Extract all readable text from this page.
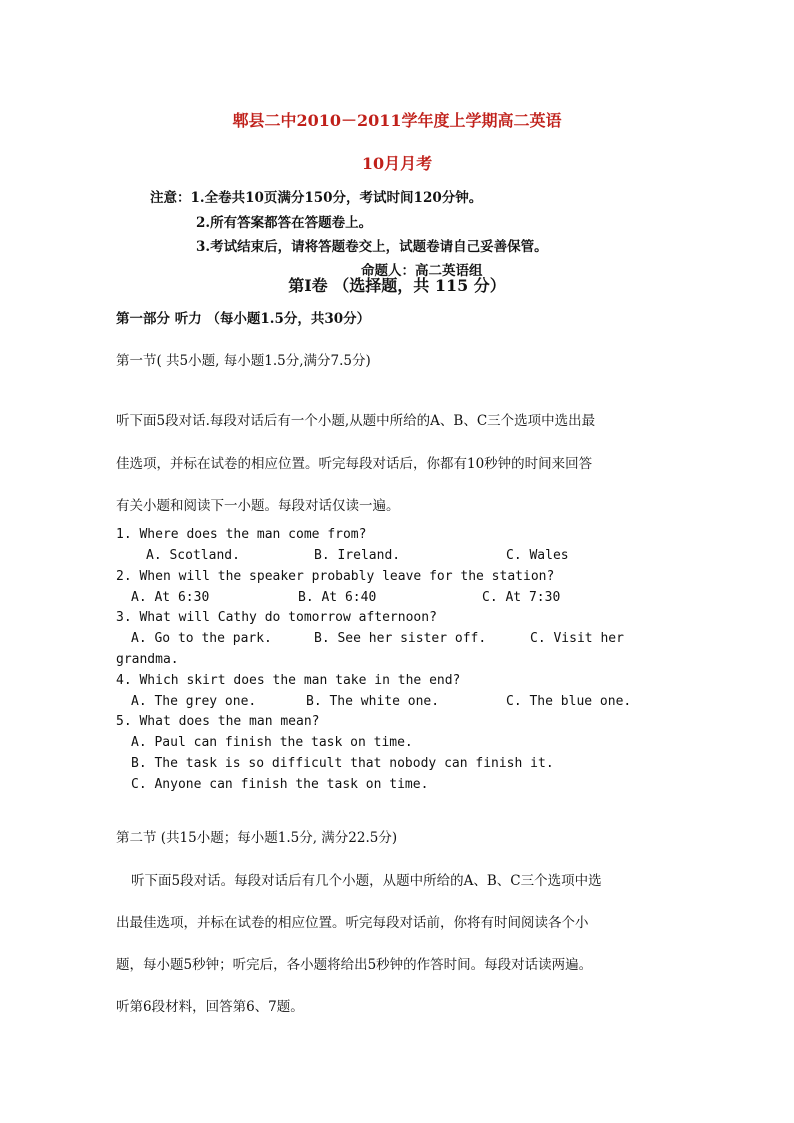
郫县二中2010－2011学年度上学期高二英语
10月月考
注意：1.全卷共10页满分150分，考试时间120分钟。
2.所有答案都答在答题卷上。
3.考试结束后，请将答题卷交上，试题卷请自己妥善保管。
命题人：高二英语组
第Ⅰ卷 （选择题，共 115 分）
第一部分 听力 （每小题1.5分，共30分）
第一节( 共5小题, 每小题1.5分,满分7.5分)
听下面5段对话.每段对话后有一个小题,从题中所给的A、B、C三个选项中选出最
佳选项，并标在试卷的相应位置。听完每段对话后，你都有10秒钟的时间来回答
有关小题和阅读下一小题。每段对话仅读一遍。
1. Where does the man come from?
A. Scotland.	B. Ireland.	C. Wales
2. When will the speaker probably leave for the station?
A. At 6:30	B. At 6:40	C. At 7:30
3. What will Cathy do tomorrow afternoon?
A. Go to the park.	B. See her sister off.	C. Visit her
grandma.
4. Which skirt does the man take in the end?
A. The grey one.	B. The white one.	C. The blue one.
5. What does the man mean?
A. Paul can finish the task on time.
B. The task is so difficult that nobody can finish it.
C. Anyone can finish the task on time.
第二节 (共15小题；每小题1.5分, 满分22.5分)
听下面5段对话。每段对话后有几个小题，从题中所给的A、B、C三个选项中选
出最佳选项，并标在试卷的相应位置。听完每段对话前，你将有时间阅读各个小
题，每小题5秒钟；听完后，各小题将给出5秒钟的作答时间。每段对话读两遍。
听第6段材料，回答第6、7题。
